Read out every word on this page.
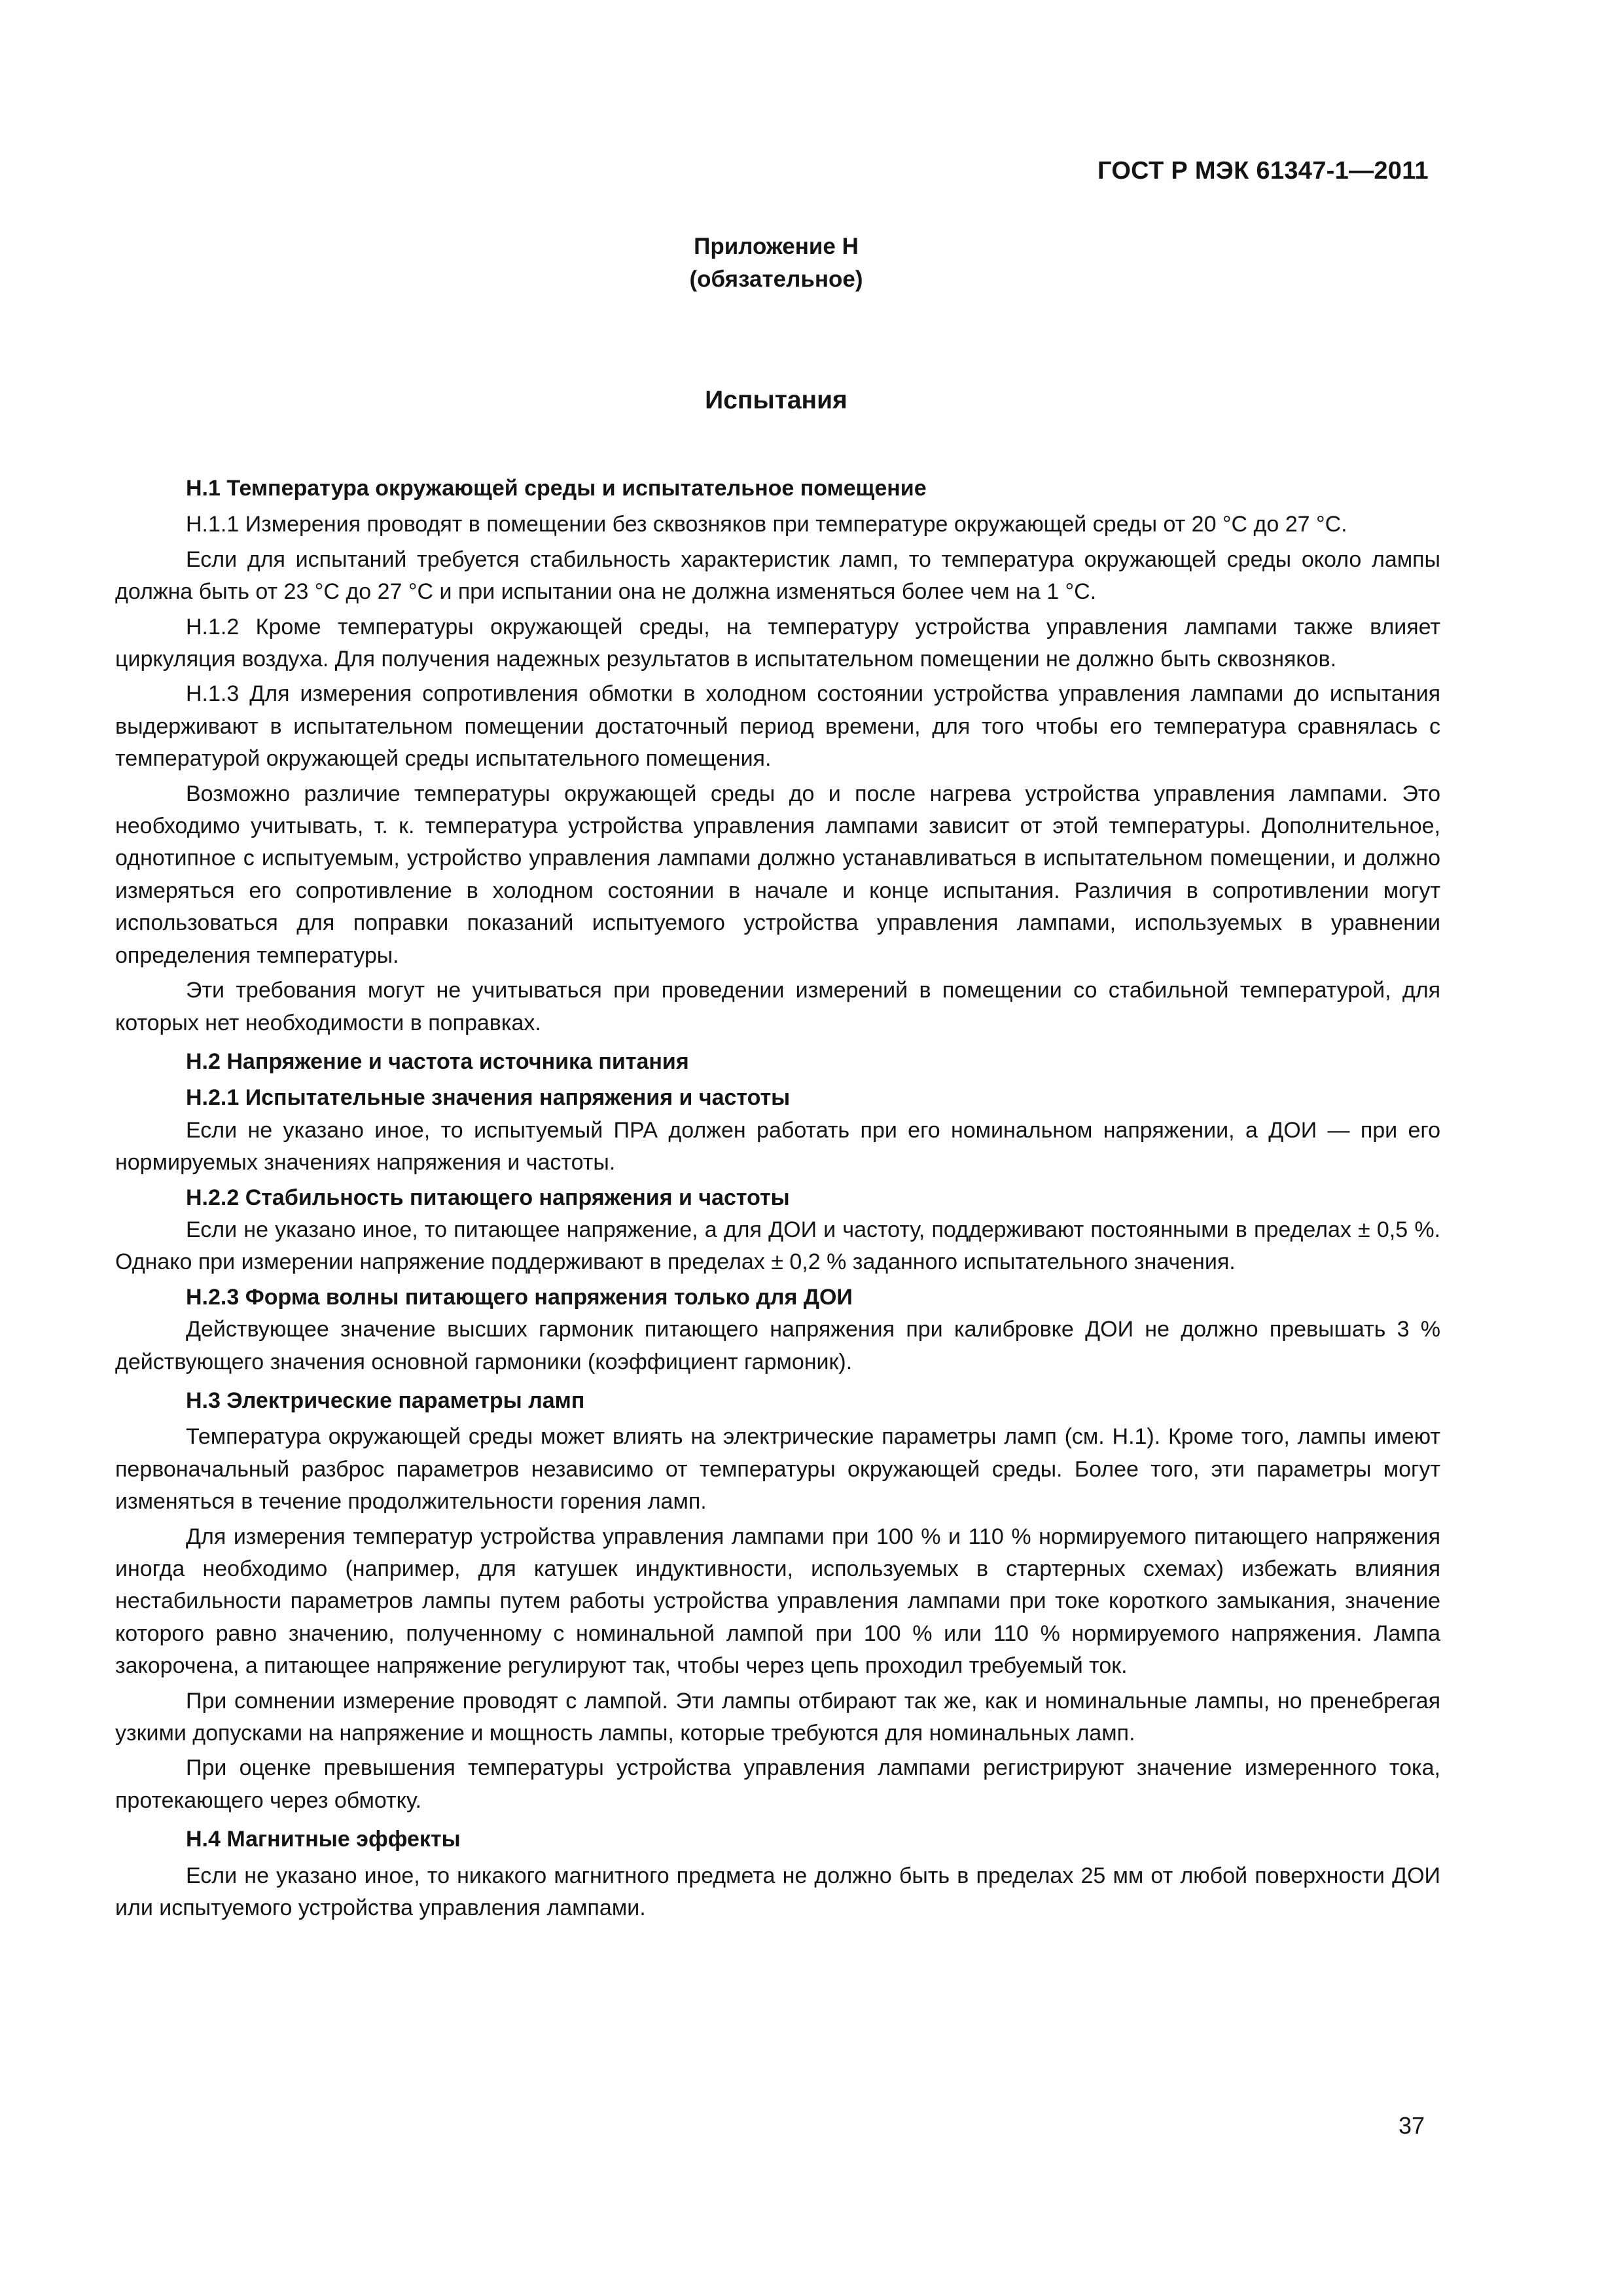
ГОСТ Р МЭК 61347-1—2011
Приложение H
(обязательное)
Испытания
H.1 Температура окружающей среды и испытательное помещение

H.1.1 Измерения проводят в помещении без сквозняков при температуре окружающей среды от 20 °С до 27 °С.

Если для испытаний требуется стабильность характеристик ламп, то температура окружающей среды около лампы должна быть от 23 °С до 27 °С и при испытании она не должна изменяться более чем на 1 °С.

H.1.2 Кроме температуры окружающей среды, на температуру устройства управления лампами также влияет циркуляция воздуха. Для получения надежных результатов в испытательном помещении не должно быть сквозняков.

H.1.3 Для измерения сопротивления обмотки в холодном состоянии устройства управления лампами до испытания выдерживают в испытательном помещении достаточный период времени, для того чтобы его температура сравнялась с температурой окружающей среды испытательного помещения.

Возможно различие температуры окружающей среды до и после нагрева устройства управления лампами. Это необходимо учитывать, т. к. температура устройства управления лампами зависит от этой температуры. Дополнительное, однотипное с испытуемым, устройство управления лампами должно устанавливаться в испытательном помещении, и должно измеряться его сопротивление в холодном состоянии в начале и конце испытания. Различия в сопротивлении могут использоваться для поправки показаний испытуемого устройства управления лампами, используемых в уравнении определения температуры.

Эти требования могут не учитываться при проведении измерений в помещении со стабильной температурой, для которых нет необходимости в поправках.

H.2 Напряжение и частота источника питания
H.2.1 Испытательные значения напряжения и частоты

Если не указано иное, то испытуемый ПРА должен работать при его номинальном напряжении, а ДОИ — при его нормируемых значениях напряжения и частоты.

H.2.2 Стабильность питающего напряжения и частоты

Если не указано иное, то питающее напряжение, а для ДОИ и частоту, поддерживают постоянными в пределах ± 0,5 %. Однако при измерении напряжение поддерживают в пределах ± 0,2 % заданного испытательного значения.

H.2.3 Форма волны питающего напряжения только для ДОИ

Действующее значение высших гармоник питающего напряжения при калибровке ДОИ не должно превышать 3 % действующего значения основной гармоники (коэффициент гармоник).

H.3 Электрические параметры ламп

Температура окружающей среды может влиять на электрические параметры ламп (см. H.1). Кроме того, лампы имеют первоначальный разброс параметров независимо от температуры окружающей среды. Более того, эти параметры могут изменяться в течение продолжительности горения ламп.

Для измерения температур устройства управления лампами при 100 % и 110 % нормируемого питающего напряжения иногда необходимо (например, для катушек индуктивности, используемых в стартерных схемах) избежать влияния нестабильности параметров лампы путем работы устройства управления лампами при токе короткого замыкания, значение которого равно значению, полученному с номинальной лампой при 100 % или 110 % нормируемого напряжения. Лампа закорочена, а питающее напряжение регулируют так, чтобы через цепь проходил требуемый ток.

При сомнении измерение проводят с лампой. Эти лампы отбирают так же, как и номинальные лампы, но пренебрегая узкими допусками на напряжение и мощность лампы, которые требуются для номинальных ламп.

При оценке превышения температуры устройства управления лампами регистрируют значение измеренного тока, протекающего через обмотку.

H.4 Магнитные эффекты

Если не указано иное, то никакого магнитного предмета не должно быть в пределах 25 мм от любой поверхности ДОИ или испытуемого устройства управления лампами.

37
